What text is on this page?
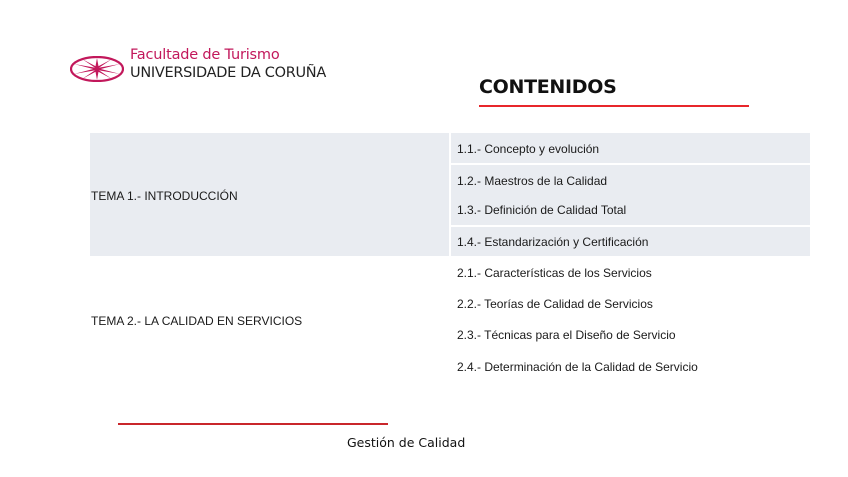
Facultade de Turismo
UNIVERSIDADE DA CORUÑA
CONTENIDOS
TEMA 1.- INTRODUCCIÓN
1.1.- Concepto y evolución
1.2.- Maestros de la Calidad
1.3.- Definición de Calidad Total
1.4.- Estandarización y Certificación
TEMA 2.- LA CALIDAD EN SERVICIOS
2.1.- Características de los Servicios
2.2.- Teorías de Calidad de Servicios
2.3.- Técnicas para el Diseño de Servicio
2.4.- Determinación de la Calidad de Servicio
Gestión de Calidad
